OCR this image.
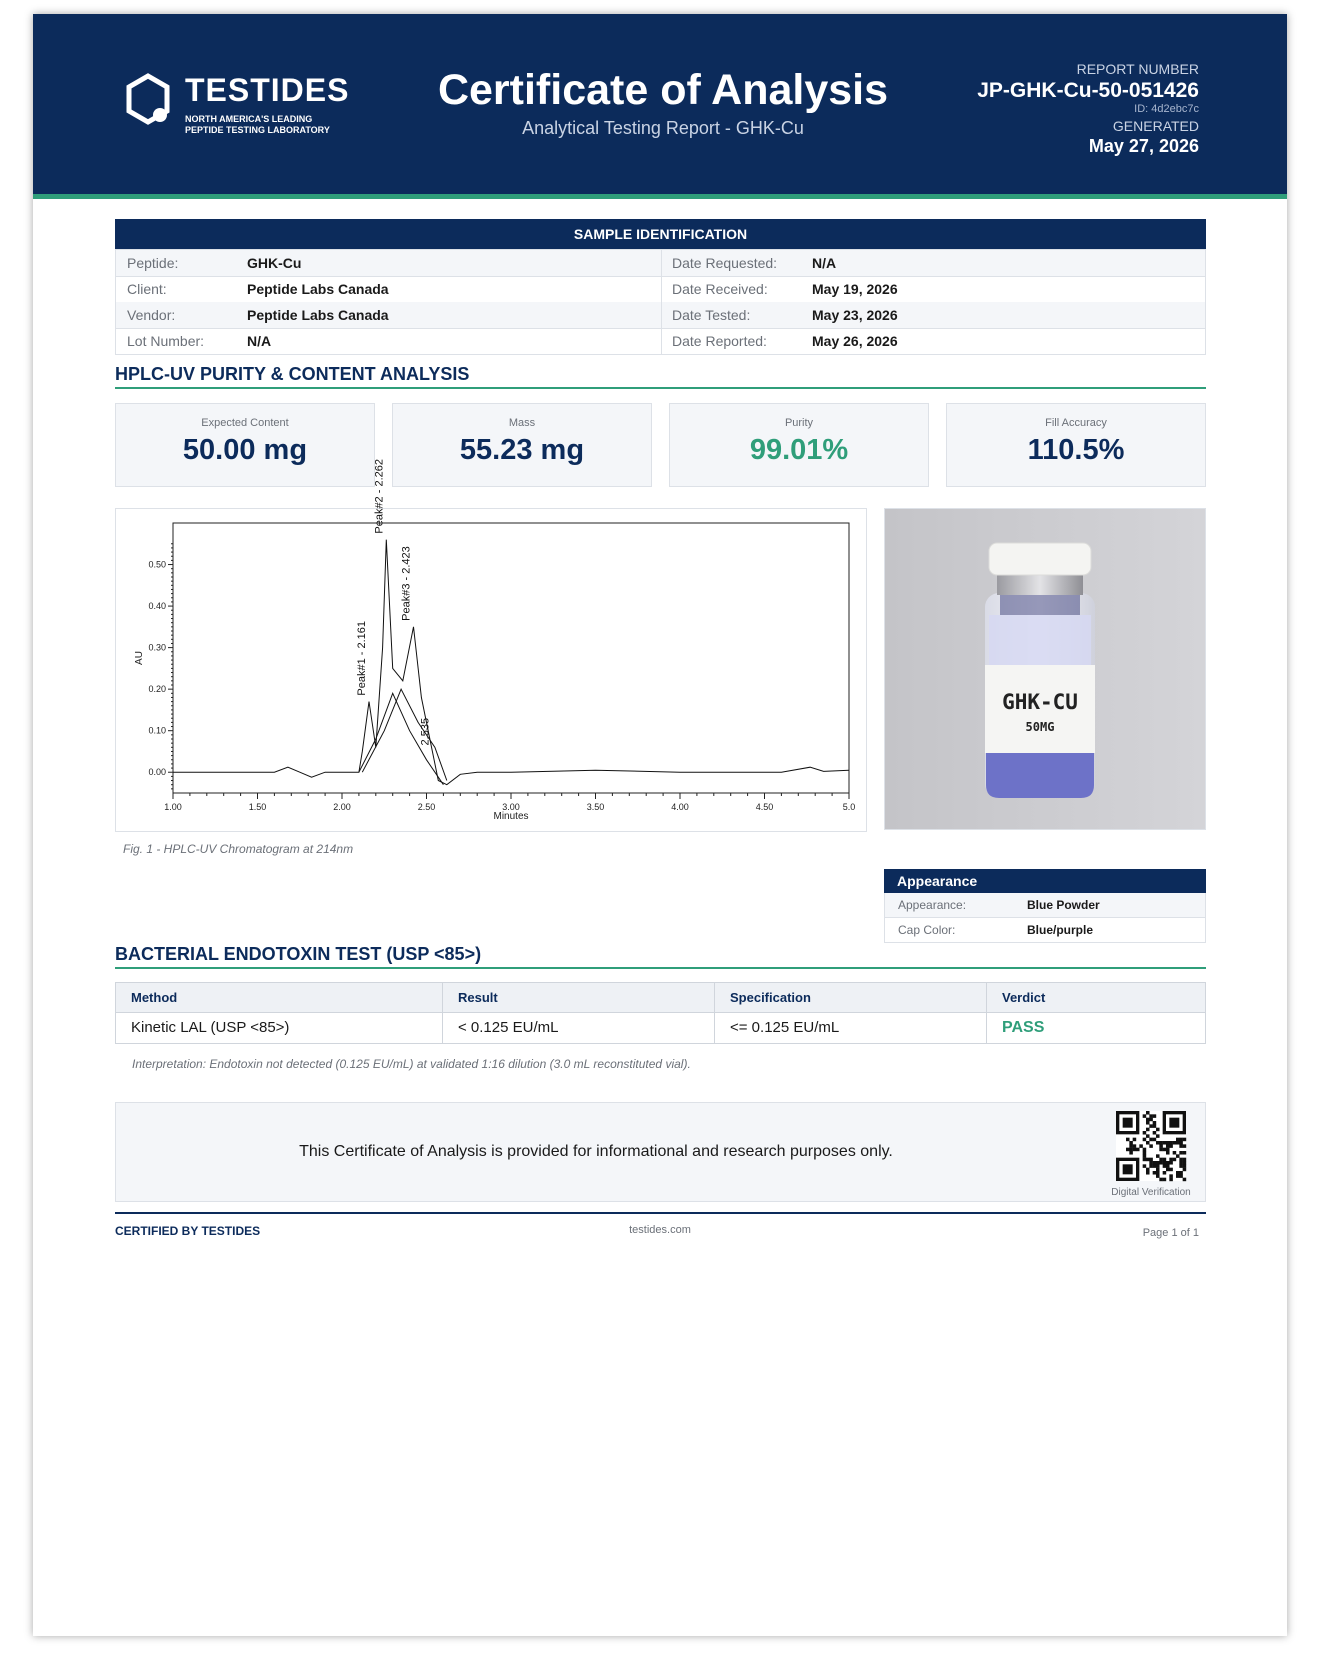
TESTIDES
NORTH AMERICA'S LEADING
PEPTIDE TESTING LABORATORY
Certificate of Analysis
Analytical Testing Report - GHK-Cu
REPORT NUMBER
JP-GHK-Cu-50-051426
ID: 4d2ebc7c
GENERATED
May 27, 2026
SAMPLE IDENTIFICATION
Peptide:	GHK-Cu	Date Requested: N/A
Client:	Peptide Labs Canada	Date Received:	May 19, 2026
Vendor:	Peptide Labs Canada	Date Tested:	May 23, 2026
Lot Number:	N/A	Date Reported:	May 26, 2026
HPLC-UV PURITY & CONTENT ANALYSIS
Expected Content
50.00 mg
Mass
55.23 mg
Purity
99.01%
Fill Accuracy
110.5%
1.00	1.50	2.00	2.50	3.00	3.50	4.00	4.50	5.0
0.00
0.10
0.20
0.30
0.40
0.50
Peak#1 - 2.161
Peak#2 - 2.262
Peak#3 - 2.423
2.535
Minutes
AU
Fig. 1 - HPLC-UV Chromatogram at 214nm
GHK-CU
50MG
Appearance
Appearance:	Blue Powder
Cap Color:	Blue/purple
BACTERIAL ENDOTOXIN TEST (USP <85>)
Method	Result	Specification	Verdict
Kinetic LAL (USP <85>)	< 0.125 EU/mL	<= 0.125 EU/mL	PASS
Interpretation: Endotoxin not detected (0.125 EU/mL) at validated 1:16 dilution (3.0 mL reconstituted vial).
This Certificate of Analysis is provided for informational and research purposes only.
Digital Verification
CERTIFIED BY TESTIDES	testides.com	Page 1 of 1
